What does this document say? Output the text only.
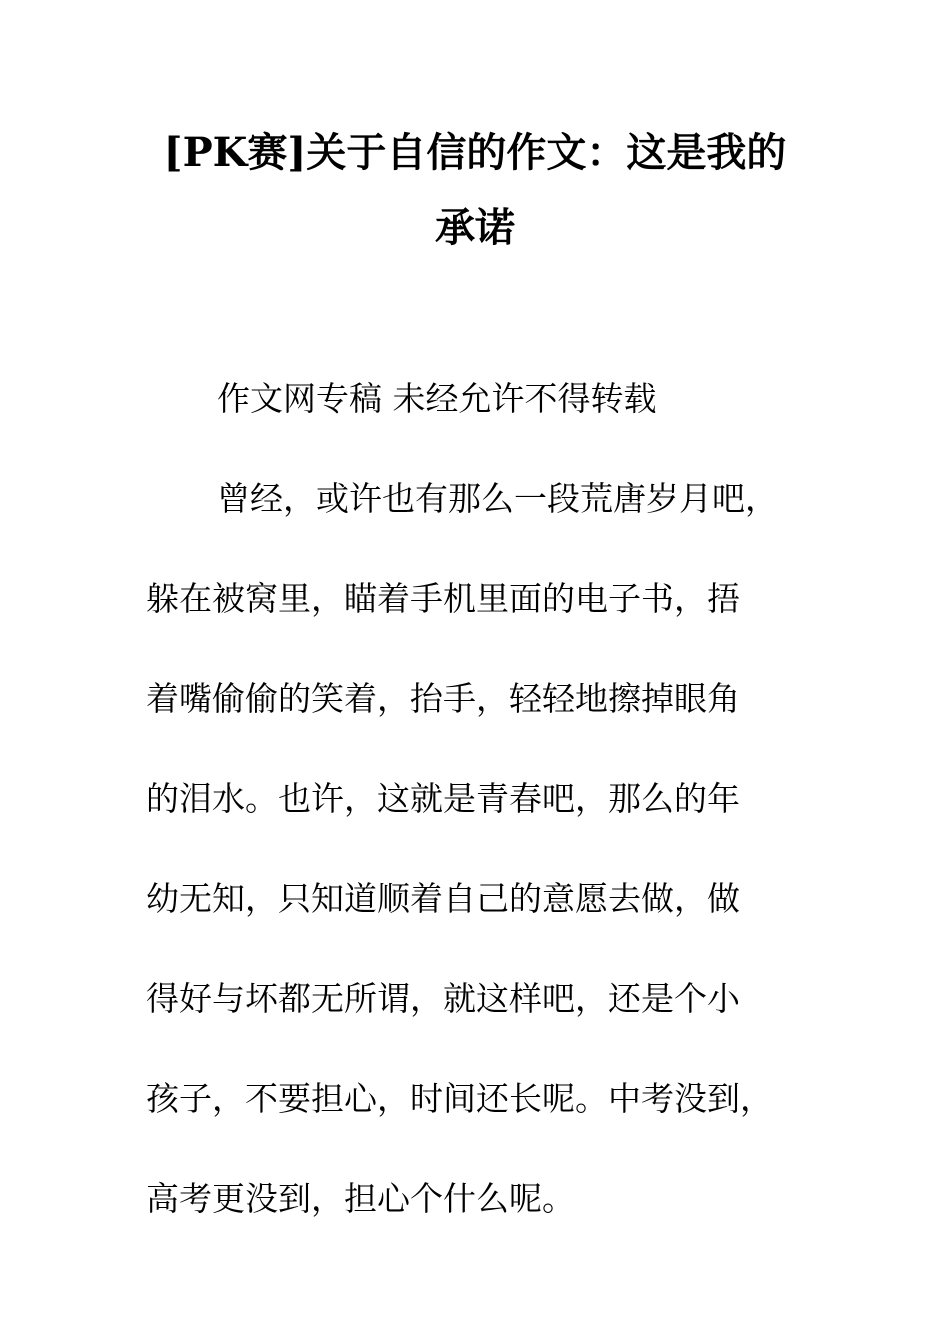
[PK赛]关于自信的作文：这是我的
承诺

作文网专稿 未经允许不得转载

曾经，或许也有那么一段荒唐岁月吧，

躲在被窝里，瞄着手机里面的电子书，捂

着嘴偷偷的笑着，抬手，轻轻地擦掉眼角

的泪水。也许，这就是青春吧，那么的年

幼无知，只知道顺着自己的意愿去做，做

得好与坏都无所谓，就这样吧，还是个小

孩子，不要担心，时间还长呢。中考没到，

高考更没到，担心个什么呢。
